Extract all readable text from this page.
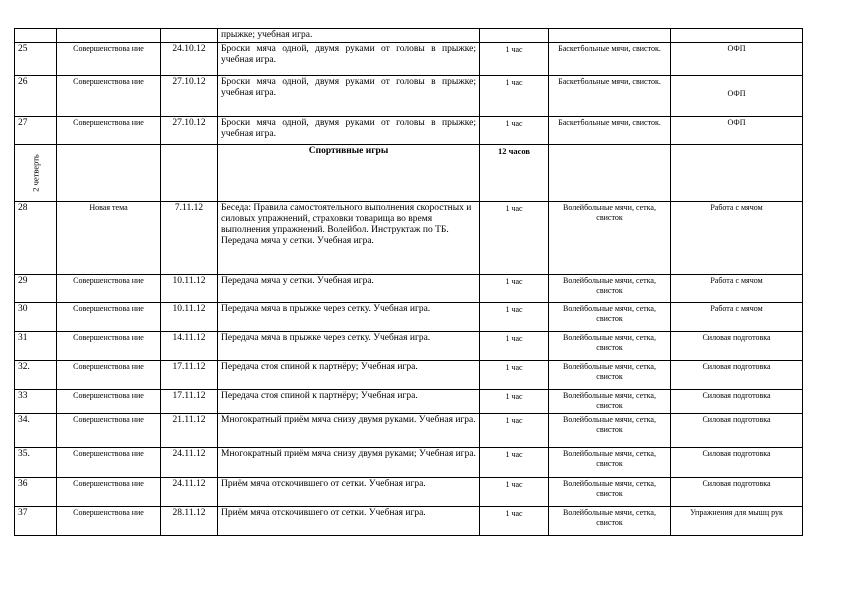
			прыжке; учебная игра.			
25	Совершенствова ние	24.10.12	Броски мяча одной, двумя руками от головы в прыжке; учебная игра.	1 час	Баскетбольные мячи, свисток.	ОФП
26	Совершенствова ние	27.10.12	Броски мяча одной, двумя руками от головы в прыжке; учебная игра.	1 час	Баскетбольные мячи, свисток.	ОФП

27	Совершенствова ние	27.10.12	Броски мяча одной, двумя руками от головы в прыжке; учебная игра.	1 час	Баскетбольные мячи, свисток.	ОФП

2 четверть			Спортивные игры	12 часов		
28	Новая тема	7.11.12	Беседа: Правила самостоятельного выполнения скоростных и силовых упражнений, страховки товарища во время выполнения упражнений. Волейбол. Инструктаж по ТБ. Передача мяча у сетки. Учебная игра.	1 час	Волейбольные мячи, сетка, свисток	Работа с мячом
29	Совершенствова ние	10.11.12	Передача мяча у сетки. Учебная игра.	1 час	Волейбольные мячи, сетка, свисток	Работа с мячом
30	Совершенствова ние	10.11.12	Передача мяча в прыжке через сетку. Учебная игра.	1 час	Волейбольные мячи, сетка, свисток	Работа с мячом
31	Совершенствова ние	14.11.12	Передача мяча в прыжке через сетку. Учебная игра.	1 час	Волейбольные мячи, сетка, свисток	Силовая подготовка
32.	Совершенствова ние	17.11.12	Передача стоя спиной к партнёру; Учебная игра.	1 час	Волейбольные мячи, сетка, свисток	Силовая подготовка
33	Совершенствова ние	17.11.12	Передача стоя спиной к партнёру; Учебная игра.	1 час	Волейбольные мячи, сетка, свисток	Силовая подготовка
34.	Совершенствова ние	21.11.12	Многократный приём мяча снизу двумя руками. Учебная игра.	1 час	Волейбольные мячи, сетка, свисток	Силовая подготовка
35.	Совершенствова ние	24.11.12	Многократный приём мяча снизу двумя руками; Учебная игра.	1 час	Волейбольные мячи, сетка, свисток	Силовая подготовка
36	Совершенствова ние	24.11.12	Приём мяча отскочившего от сетки. Учебная игра.	1 час	Волейбольные мячи, сетка, свисток	Силовая подготовка
37	Совершенствова ние	28.11.12	Приём мяча отскочившего от сетки. Учебная игра.	1 час	Волейбольные мячи, сетка, свисток	Упражнения для мышц рук
